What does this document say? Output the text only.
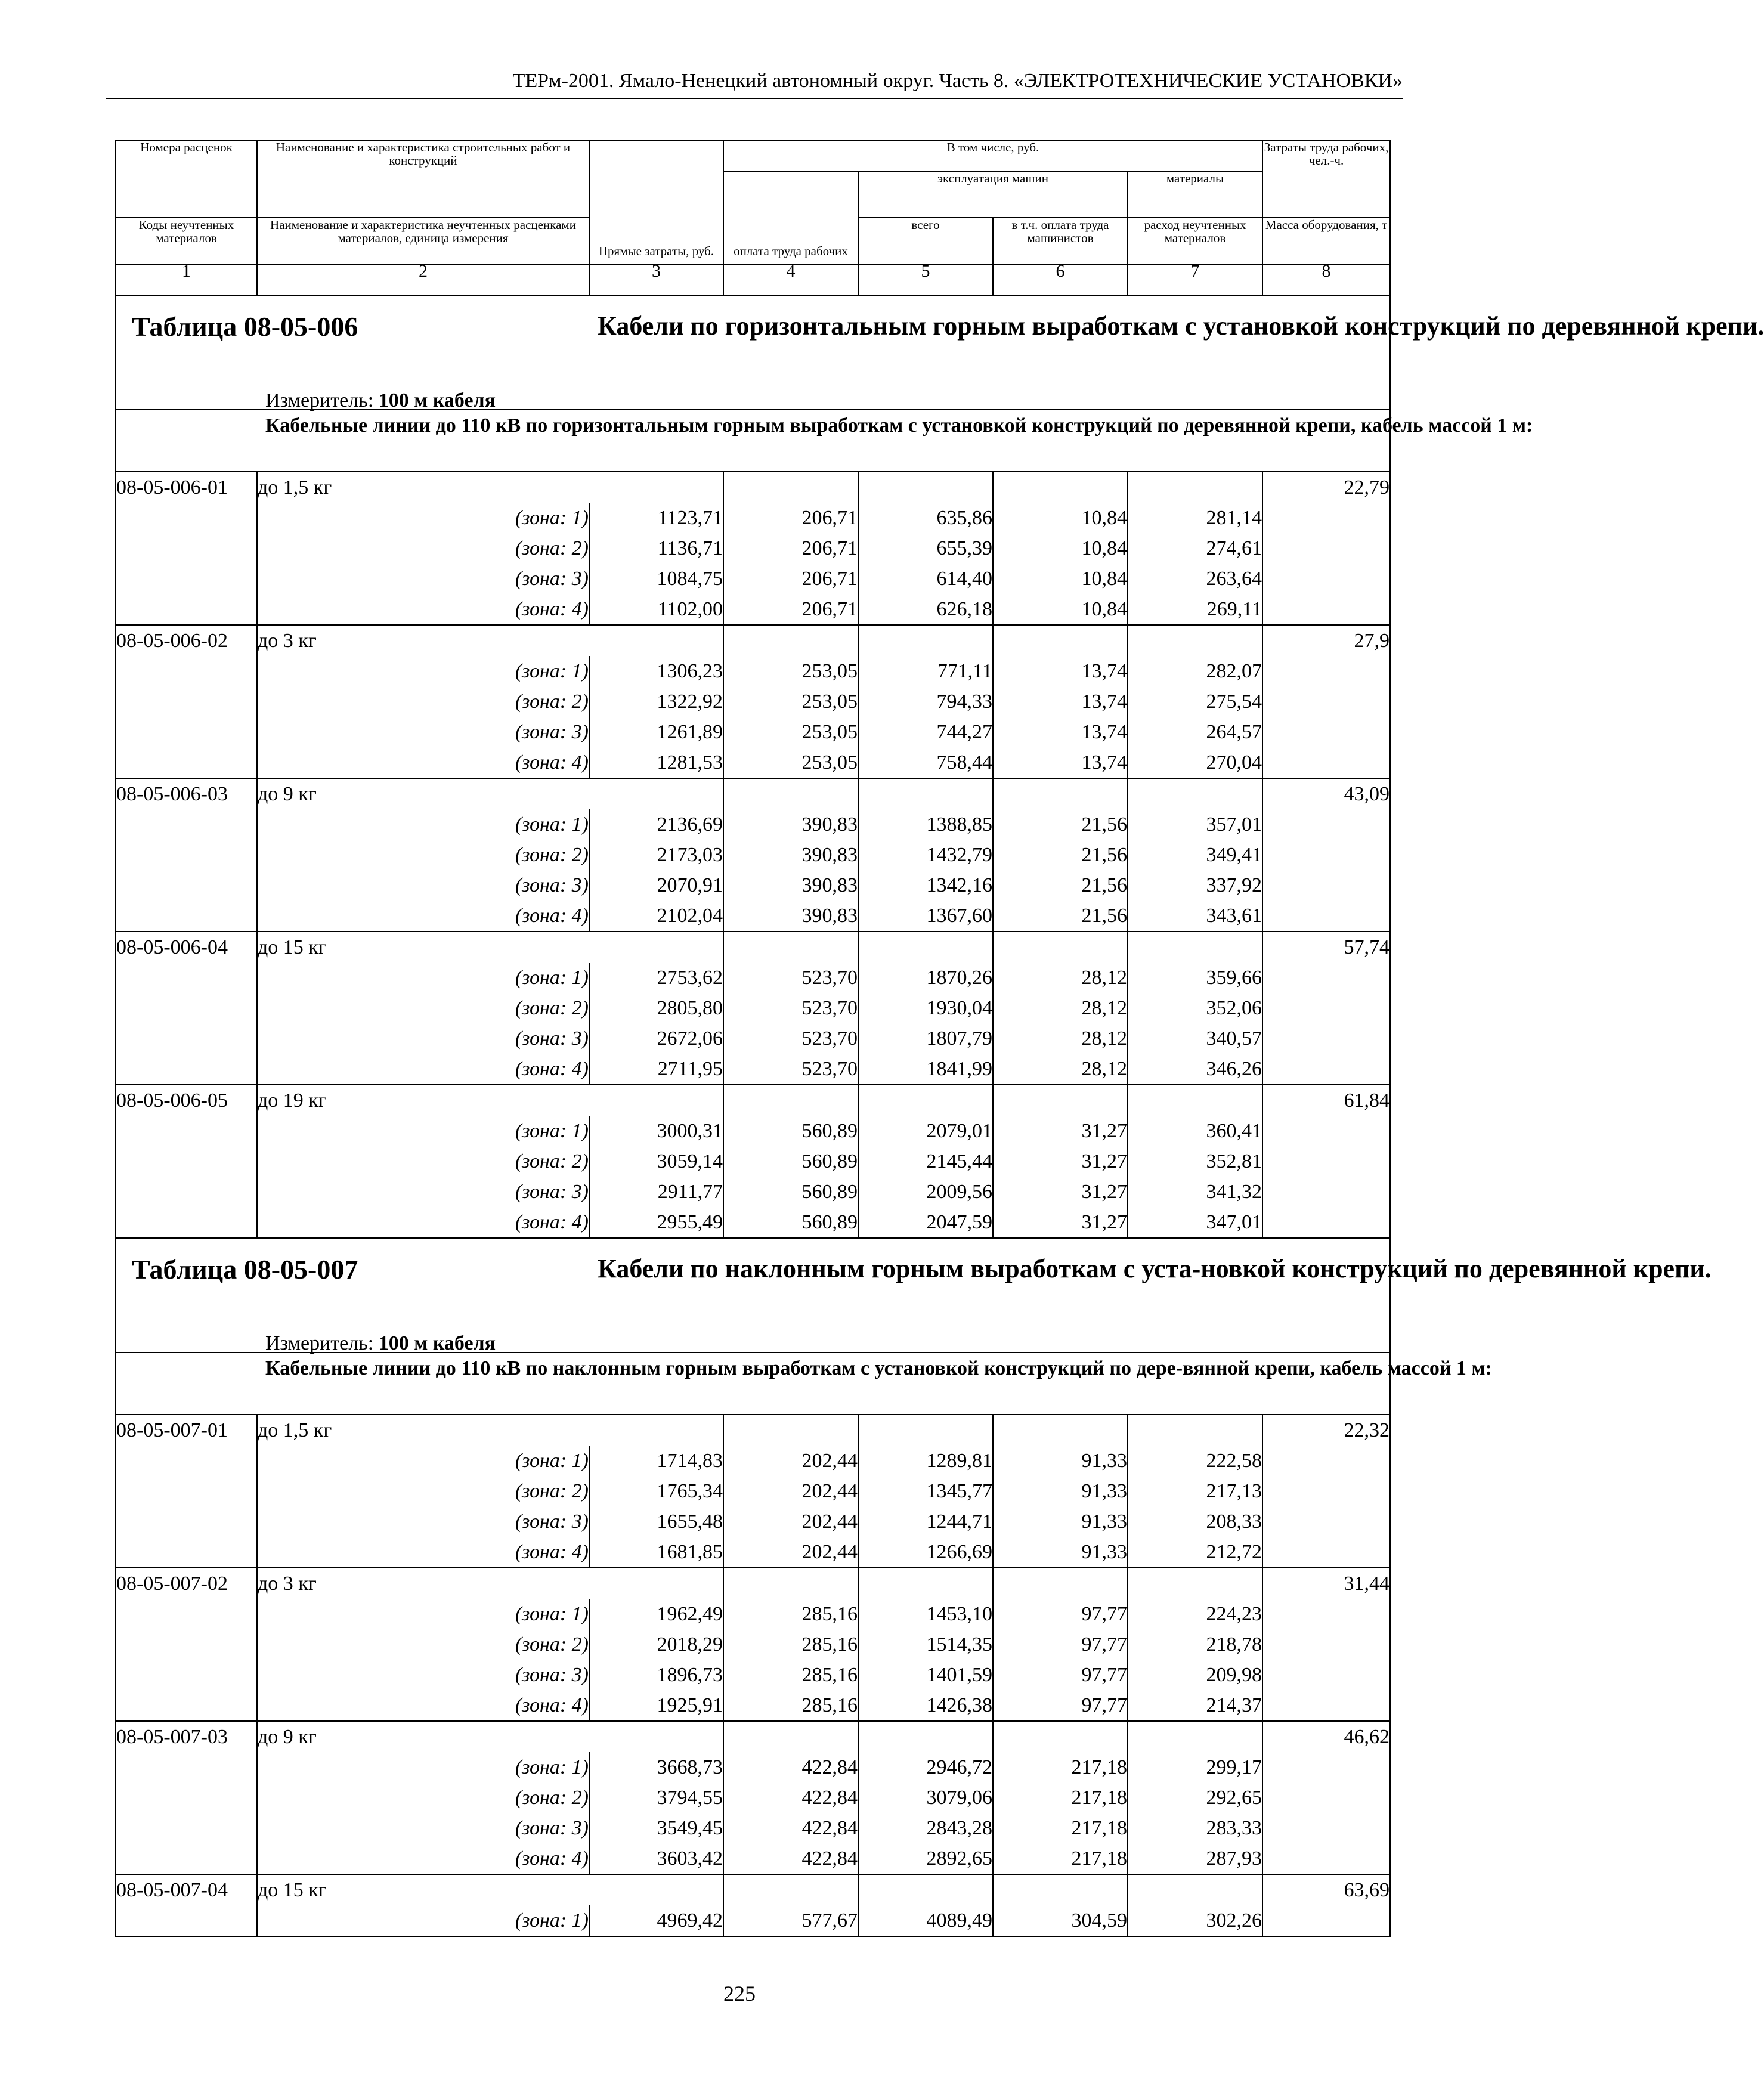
ТЕРм-2001. Ямало-Ненецкий автономный округ. Часть 8. «ЭЛЕКТРОТЕХНИЧЕСКИЕ УСТАНОВКИ»
Номера расценок	Наименование и характеристика строительных работ и конструкций	Прямые затраты, руб.	В том числе, руб.				Затраты труда рабочих, чел.-ч.
			оплата труда рабочих	эксплуатация машин		материалы	
Коды неучтенных материалов	Наименование и характеристика неучтенных расценками материалов, единица измерения			всего	в т.ч. оплата труда машинистов	расход неучтенных материалов	Масса оборудования, т
1	2	3	4	5	6	7	8

Таблица 08-05-006 Кабели по горизонтальным горным выработкам с установкой конструкций по деревянной крепи.
Измеритель: 100 м кабеля							

Кабельные линии до 110 кВ по горизонтальным горным выработкам с установкой конструкций по деревянной крепи, кабель массой 1 м:							

08-05-006-01	до 1,5 кг						22,79
	(зона: 1)	1123,71	206,71	635,86	10,84	281,14	
	(зона: 2)	1136,71	206,71	655,39	10,84	274,61	
	(зона: 3)	1084,75	206,71	614,40	10,84	263,64	
	(зона: 4)	1102,00	206,71	626,18	10,84	269,11	
08-05-006-02	до 3 кг						27,9
	(зона: 1)	1306,23	253,05	771,11	13,74	282,07	
	(зона: 2)	1322,92	253,05	794,33	13,74	275,54	
	(зона: 3)	1261,89	253,05	744,27	13,74	264,57	
	(зона: 4)	1281,53	253,05	758,44	13,74	270,04	
08-05-006-03	до 9 кг						43,09
	(зона: 1)	2136,69	390,83	1388,85	21,56	357,01	
	(зона: 2)	2173,03	390,83	1432,79	21,56	349,41	
	(зона: 3)	2070,91	390,83	1342,16	21,56	337,92	
	(зона: 4)	2102,04	390,83	1367,60	21,56	343,61	
08-05-006-04	до 15 кг						57,74
	(зона: 1)	2753,62	523,70	1870,26	28,12	359,66	
	(зона: 2)	2805,80	523,70	1930,04	28,12	352,06	
	(зона: 3)	2672,06	523,70	1807,79	28,12	340,57	
	(зона: 4)	2711,95	523,70	1841,99	28,12	346,26	
08-05-006-05	до 19 кг						61,84
	(зона: 1)	3000,31	560,89	2079,01	31,27	360,41	
	(зона: 2)	3059,14	560,89	2145,44	31,27	352,81	
	(зона: 3)	2911,77	560,89	2009,56	31,27	341,32	
	(зона: 4)	2955,49	560,89	2047,59	31,27	347,01	

Таблица 08-05-007 Кабели по наклонным горным выработкам с уста-новкой конструкций по деревянной крепи.
Измеритель: 100 м кабеля							

Кабельные линии до 110 кВ по наклонным горным выработкам с установкой конструкций по дере-вянной крепи, кабель массой 1 м:							

08-05-007-01	до 1,5 кг						22,32
	(зона: 1)	1714,83	202,44	1289,81	91,33	222,58	
	(зона: 2)	1765,34	202,44	1345,77	91,33	217,13	
	(зона: 3)	1655,48	202,44	1244,71	91,33	208,33	
	(зона: 4)	1681,85	202,44	1266,69	91,33	212,72	
08-05-007-02	до 3 кг						31,44
	(зона: 1)	1962,49	285,16	1453,10	97,77	224,23	
	(зона: 2)	2018,29	285,16	1514,35	97,77	218,78	
	(зона: 3)	1896,73	285,16	1401,59	97,77	209,98	
	(зона: 4)	1925,91	285,16	1426,38	97,77	214,37	
08-05-007-03	до 9 кг						46,62
	(зона: 1)	3668,73	422,84	2946,72	217,18	299,17	
	(зона: 2)	3794,55	422,84	3079,06	217,18	292,65	
	(зона: 3)	3549,45	422,84	2843,28	217,18	283,33	
	(зона: 4)	3603,42	422,84	2892,65	217,18	287,93	
08-05-007-04	до 15 кг						63,69
	(зона: 1)	4969,42	577,67	4089,49	304,59	302,26	
225
